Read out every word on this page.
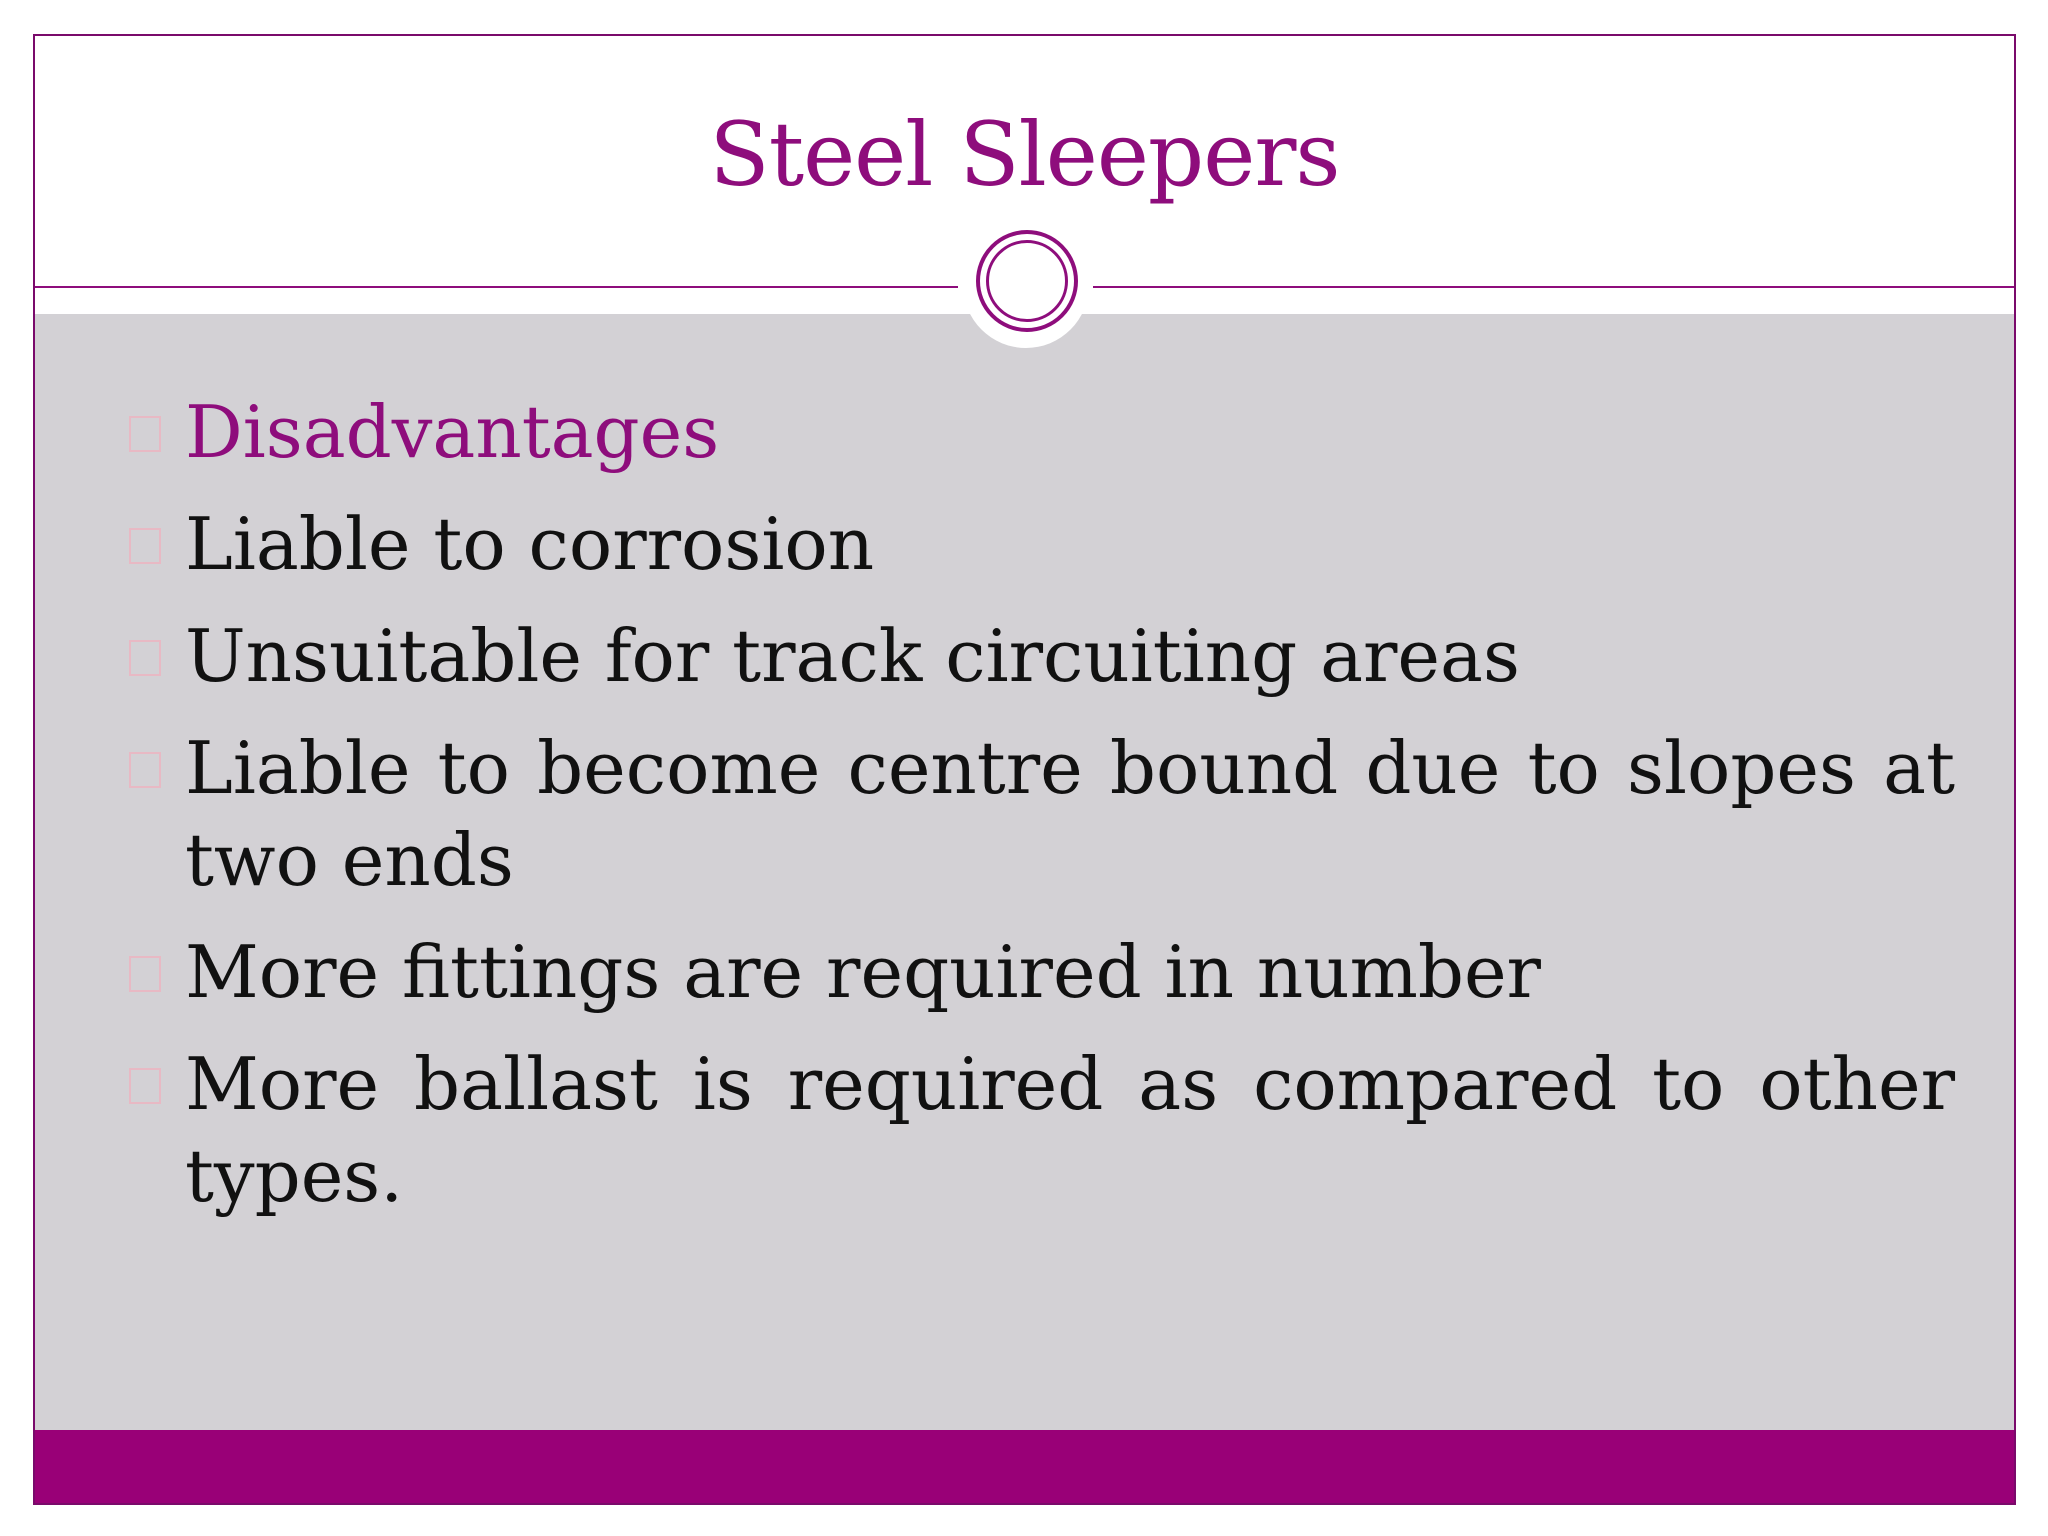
Steel Sleepers
Disadvantages
Liable to corrosion
Unsuitable for track circuiting areas
Liable to become centre bound due to slopes at two ends
More fittings are required in number
More ballast is required as compared to other types.
